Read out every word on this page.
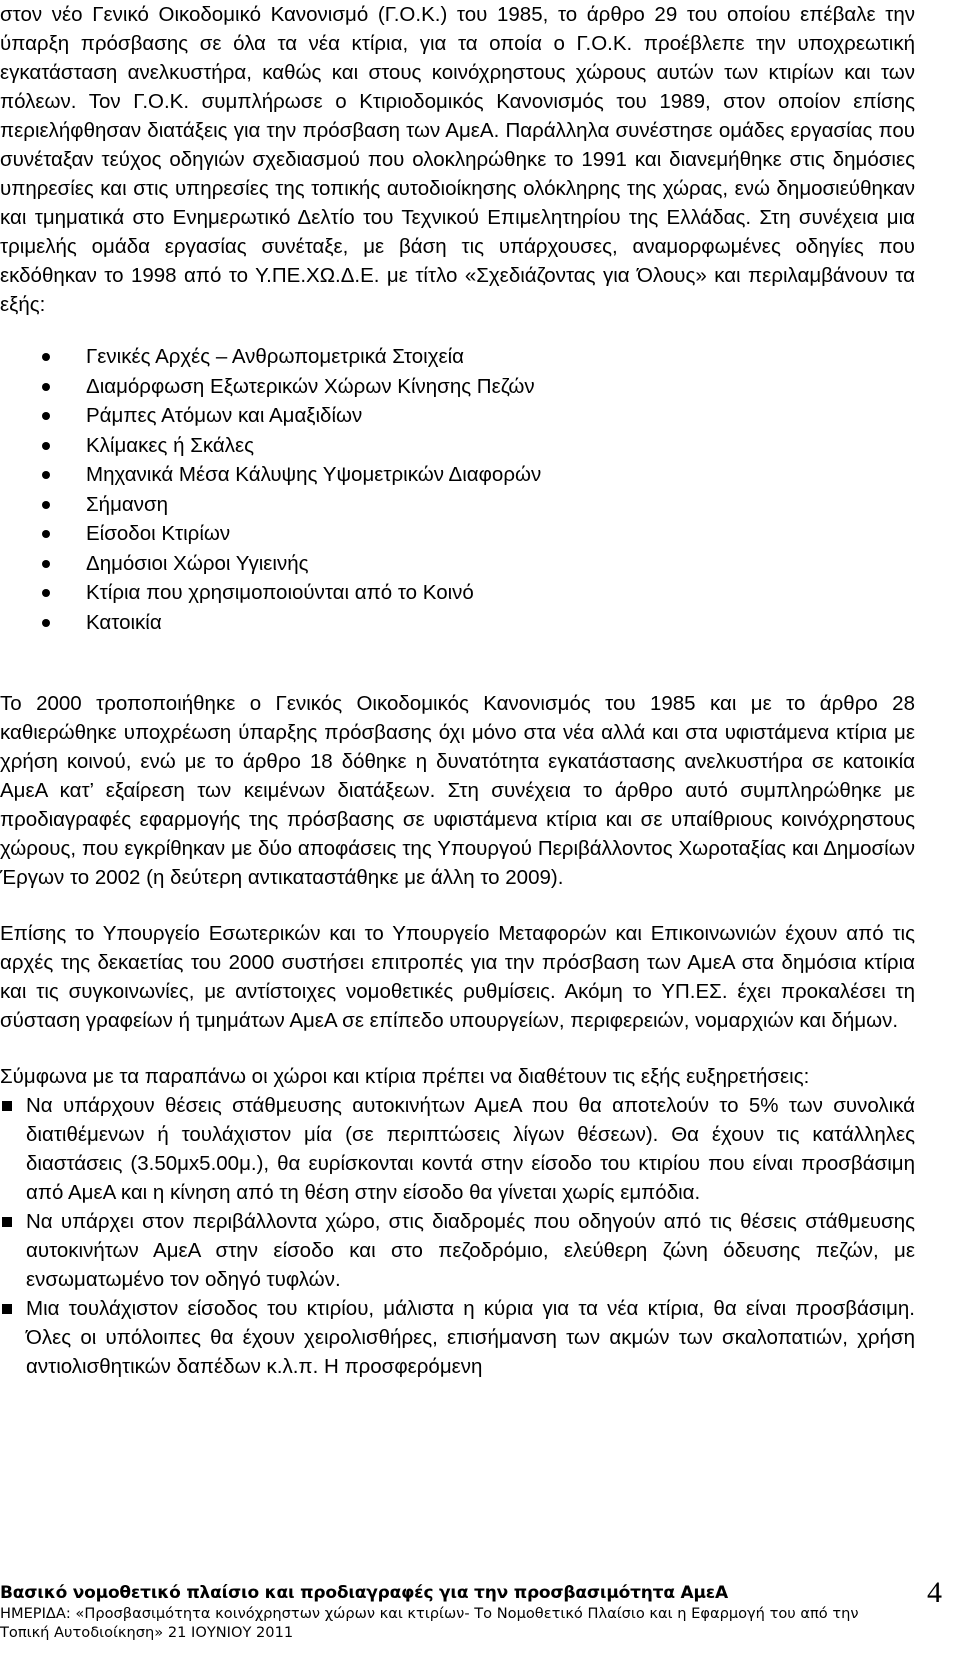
στον νέο Γενικό Οικοδομικό Κανονισμό (Γ.Ο.Κ.) του 1985, το άρθρο 29 του οποίου επέβαλε την ύπαρξη πρόσβασης σε όλα τα νέα κτίρια, για τα οποία ο Γ.Ο.Κ. προέβλεπε την υποχρεωτική εγκατάσταση ανελκυστήρα, καθώς και στους κοινόχρηστους χώρους αυτών των κτιρίων και των πόλεων. Τον Γ.Ο.Κ. συμπλήρωσε ο Κτιριοδομικός Κανονισμός του 1989, στον οποίον επίσης περιελήφθησαν διατάξεις για την πρόσβαση των ΑμεΑ. Παράλληλα συνέστησε ομάδες εργασίας που συνέταξαν τεύχος οδηγιών σχεδιασμού που ολοκληρώθηκε το 1991 και διανεμήθηκε στις δημόσιες υπηρεσίες και στις υπηρεσίες της τοπικής αυτοδιοίκησης ολόκληρης της χώρας, ενώ δημοσιεύθηκαν και τμηματικά στο Ενημερωτικό Δελτίο του Τεχνικού Επιμελητηρίου της Ελλάδας. Στη συνέχεια μια τριμελής ομάδα εργασίας συνέταξε, με βάση τις υπάρχουσες, αναμορφωμένες οδηγίες που εκδόθηκαν το 1998 από το Υ.ΠΕ.ΧΩ.Δ.Ε. με τίτλο «Σχεδιάζοντας για Όλους» και περιλαμβάνουν τα εξής:

Γενικές Αρχές – Ανθρωπομετρικά Στοιχεία
Διαμόρφωση Εξωτερικών Χώρων Κίνησης Πεζών
Ράμπες Ατόμων και Αμαξιδίων
Κλίμακες ή Σκάλες
Μηχανικά Μέσα Κάλυψης Υψομετρικών Διαφορών
Σήμανση
Είσοδοι Κτιρίων
Δημόσιοι Χώροι Υγιεινής
Κτίρια που χρησιμοποιούνται από το Κοινό
Κατοικία

Το 2000 τροποποιήθηκε ο Γενικός Οικοδομικός Κανονισμός του 1985 και με το άρθρο 28 καθιερώθηκε υποχρέωση ύπαρξης πρόσβασης όχι μόνο στα νέα αλλά και στα υφιστάμενα κτίρια με χρήση κοινού, ενώ με το άρθρο 18 δόθηκε η δυνατότητα εγκατάστασης ανελκυστήρα σε κατοικία ΑμεΑ κατ’ εξαίρεση των κειμένων διατάξεων. Στη συνέχεια το άρθρο αυτό συμπληρώθηκε με προδιαγραφές εφαρμογής της πρόσβασης σε υφιστάμενα κτίρια και σε υπαίθριους κοινόχρηστους χώρους, που εγκρίθηκαν με δύο αποφάσεις της Υπουργού Περιβάλλοντος Χωροταξίας και Δημοσίων Έργων το 2002 (η δεύτερη αντικαταστάθηκε με άλλη το 2009).

Επίσης το Υπουργείο Εσωτερικών και το Υπουργείο Μεταφορών και Επικοινωνιών έχουν από τις αρχές της δεκαετίας του 2000 συστήσει επιτροπές για την πρόσβαση των ΑμεΑ στα δημόσια κτίρια και τις συγκοινωνίες, με αντίστοιχες νομοθετικές ρυθμίσεις. Ακόμη το ΥΠ.ΕΣ. έχει προκαλέσει τη σύσταση γραφείων ή τμημάτων ΑμεΑ σε επίπεδο υπουργείων, περιφερειών, νομαρχιών και δήμων.

Σύμφωνα με τα παραπάνω οι χώροι και κτίρια πρέπει να διαθέτουν τις εξής ευξηρετήσεις:

Να υπάρχουν θέσεις στάθμευσης αυτοκινήτων ΑμεΑ που θα αποτελούν το 5% των συνολικά διατιθέμενων ή τουλάχιστον μία (σε περιπτώσεις λίγων θέσεων). Θα έχουν τις κατάλληλες διαστάσεις (3.50μx5.00μ.), θα ευρίσκονται κοντά στην είσοδο του κτιρίου που είναι προσβάσιμη από ΑμεΑ και η κίνηση από τη θέση στην είσοδο θα γίνεται χωρίς εμπόδια.
Να υπάρχει στον περιβάλλοντα χώρο, στις διαδρομές που οδηγούν από τις θέσεις στάθμευσης αυτοκινήτων ΑμεΑ στην είσοδο και στο πεζοδρόμιο, ελεύθερη ζώνη όδευσης πεζών, με ενσωματωμένο τον οδηγό τυφλών.
Μια τουλάχιστον είσοδος του κτιρίου, μάλιστα η κύρια για τα νέα κτίρια, θα είναι προσβάσιμη. Όλες οι υπόλοιπες θα έχουν χειρολισθήρες, επισήμανση των ακμών των σκαλοπατιών, χρήση αντιολισθητικών δαπέδων κ.λ.π. Η προσφερόμενη

Βασικό νομοθετικό πλαίσιο και προδιαγραφές για την προσβασιμότητα ΑμεΑ

ΗΜΕΡΙΔΑ: «Προσβασιμότητα κοινόχρηστων χώρων και κτιρίων- Το Νομοθετικό Πλαίσιο και η Εφαρμογή του από την Τοπική Αυτοδιοίκηση» 21 ΙΟΥΝΙΟΥ 2011

4
